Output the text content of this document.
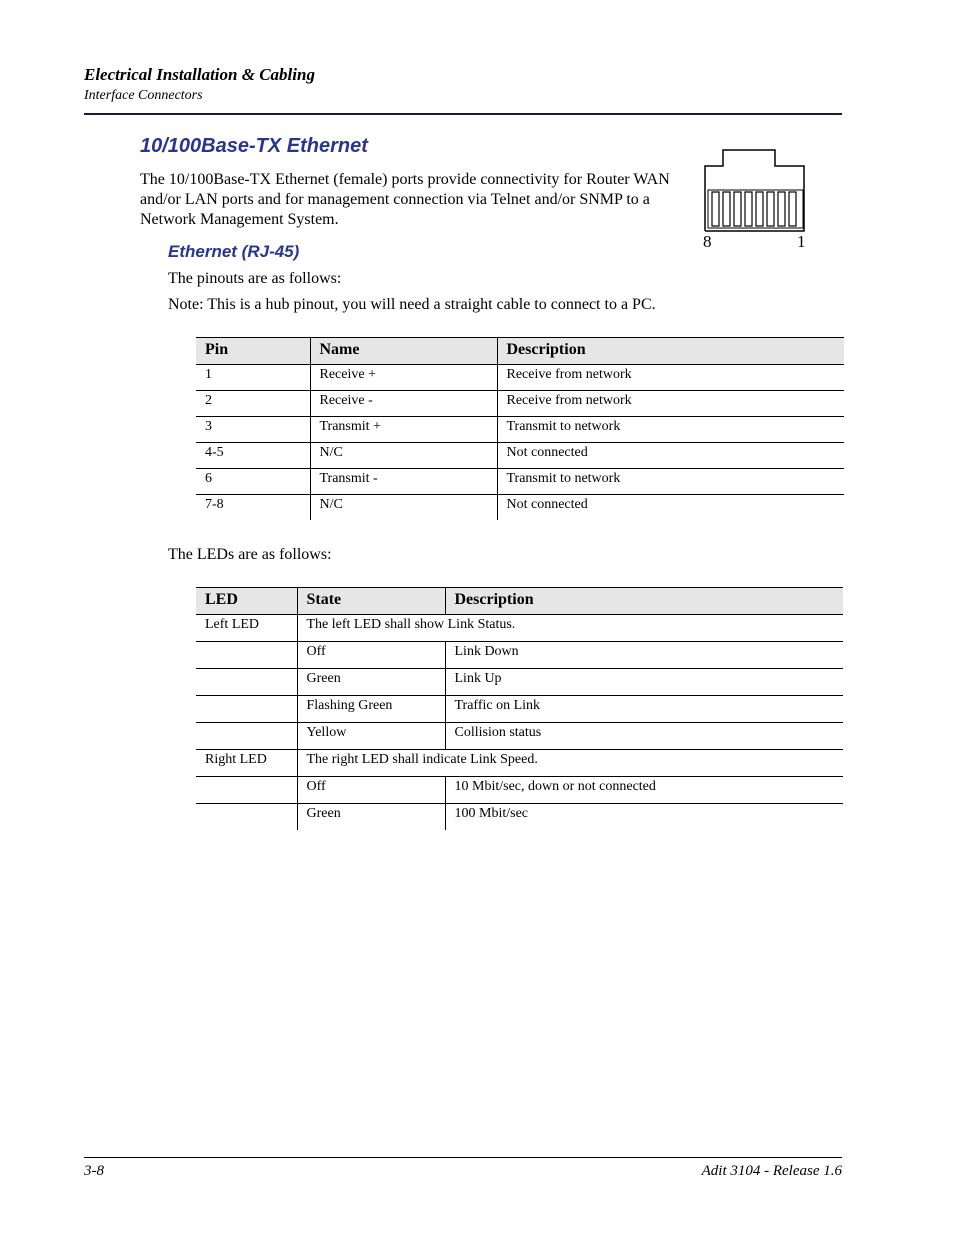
Electrical Installation & Cabling
Interface Connectors
10/100Base-TX Ethernet
The 10/100Base-TX Ethernet (female) ports provide connectivity for Router WAN and/or LAN ports and for management connection via Telnet and/or SNMP to a Network Management System.
8	1
Ethernet (RJ-45)
The pinouts are as follows:
Note: This is a hub pinout, you will need a straight cable to connect to a PC.
Pin	Name	Description
1	Receive +	Receive from network
2	Receive -	Receive from network
3	Transmit +	Transmit to network
4-5	N/C	Not connected
6	Transmit -	Transmit to network
7-8	N/C	Not connected
The LEDs are as follows:
LED	State	Description
Left LED	The left LED shall show Link Status.	
	Off	Link Down
	Green	Link Up
	Flashing Green	Traffic on Link
	Yellow	Collision status
Right LED	The right LED shall indicate Link Speed.	
	Off	10 Mbit/sec, down or not connected
	Green	100 Mbit/sec
3-8	Adit 3104 - Release 1.6
